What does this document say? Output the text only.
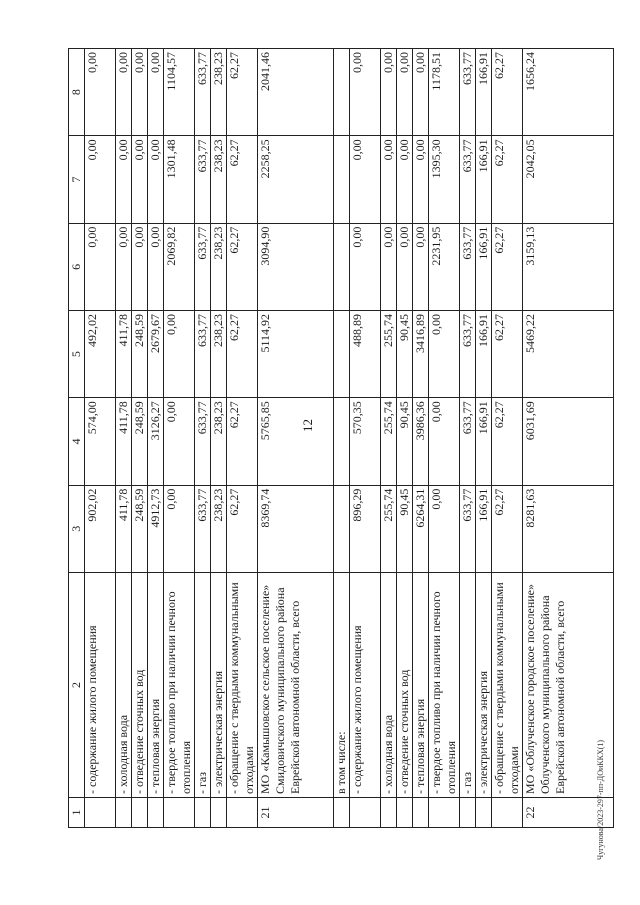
12
Чугунова/2023-297-пп-ДОиККХ(1)
1	2	3	4	5	6	7	8
	- содержание жилого помещения	902,02	574,00	492,02	0,00	0,00	0,00
	- холодная вода	411,78	411,78	411,78	0,00	0,00	0,00
	- отведение сточных вод	248,59	248,59	248,59	0,00	0,00	0,00
	- тепловая энергия	4912,73	3126,27	2679,67	0,00	0,00	0,00
	- твердое топливо при наличии печного отопления	0,00	0,00	0,00	2069,82	1301,48	1104,57
	- газ	633,77	633,77	633,77	633,77	633,77	633,77
	- электрическая энергия	238,23	238,23	238,23	238,23	238,23	238,23
	- обращение с твердыми коммунальными отходами	62,27	62,27	62,27	62,27	62,27	62,27
21	МО «Камышовское сельское поселение» Смидовичского муниципального района Еврейской автономной области, всего	8369,74	5765,85	5114,92	3094,90	2258,25	2041,46
	в том числе:						
	- содержание жилого помещения	896,29	570,35	488,89	0,00	0,00	0,00
	- холодная вода	255,74	255,74	255,74	0,00	0,00	0,00
	- отведение сточных вод	90,45	90,45	90,45	0,00	0,00	0,00
	- тепловая энергия	6264,31	3986,36	3416,89	0,00	0,00	0,00
	- твердое топливо при наличии печного отопления	0,00	0,00	0,00	2231,95	1395,30	1178,51
	- газ	633,77	633,77	633,77	633,77	633,77	633,77
	- электрическая энергия	166,91	166,91	166,91	166,91	166,91	166,91
	- обращение с твердыми коммунальными отходами	62,27	62,27	62,27	62,27	62,27	62,27
22	МО «Облученское городское поселение» Облученского муниципального района Еврейской автономной области, всего	8281,63	6031,69	5469,22	3159,13	2042,05	1656,24
